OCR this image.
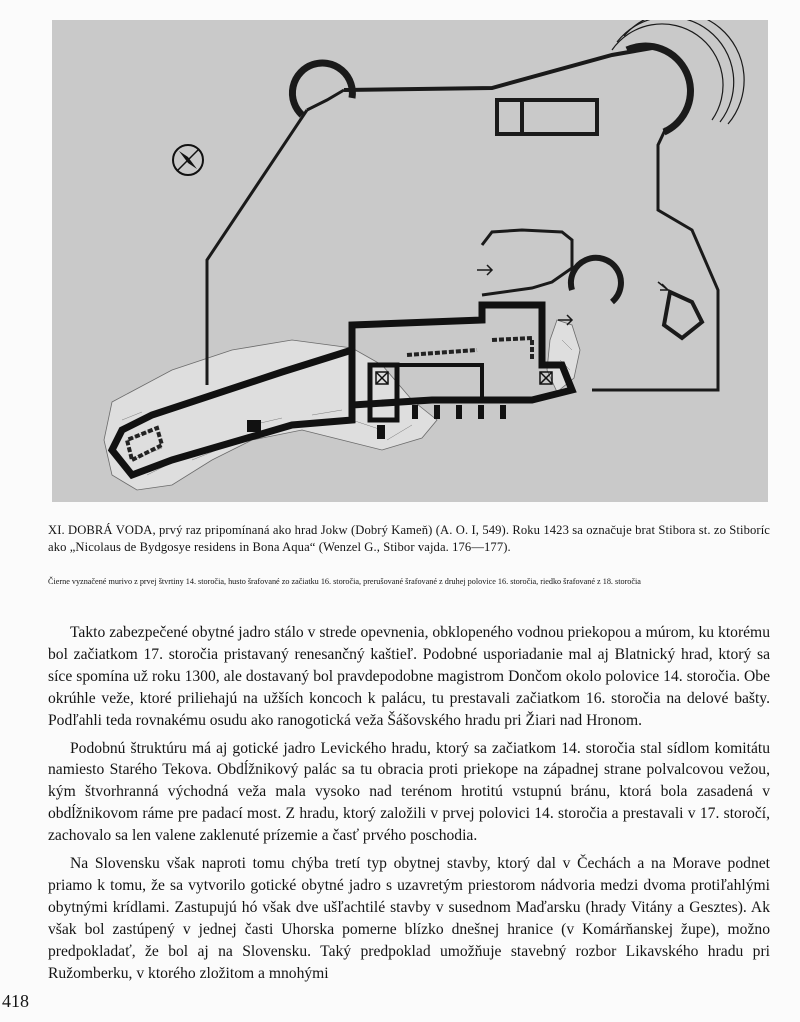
XI. DOBRÁ VODA, prvý raz pripomínaná ako hrad Jokw (Dobrý Kameň) (A. O. I, 549). Roku 1423 sa označuje brat Stibora st. zo Stiboríc ako „Nicolaus de Bydgosye residens in Bona Aqua“ (Wenzel G., Stibor vajda. 176—177).
Čierne vyznačené murivo z prvej štvrtiny 14. storočia, husto šrafované zo začiatku 16. storočia, prerušované šrafované z druhej polovice 16. storočia, riedko šrafované z 18. storočia

Takto zabezpečené obytné jadro stálo v strede opevnenia, obklopeného vodnou priekopou a múrom, ku ktorému bol začiatkom 17. storočia pristavaný renesančný kaštieľ. Podobné usporiadanie mal aj Blatnický hrad, ktorý sa síce spomína už roku 1300, ale dostavaný bol pravdepodobne magistrom Dončom okolo polovice 14. storočia. Obe okrúhle veže, ktoré priliehajú na užších koncoch k palácu, tu prestavali začiatkom 16. storočia na delové bašty. Podľahli teda rovnakému osudu ako ranogotická veža Šášovského hradu pri Žiari nad Hronom.

Podobnú štruktúru má aj gotické jadro Levického hradu, ktorý sa začiatkom 14. storočia stal sídlom komitátu namiesto Starého Tekova. Obdĺžnikový palác sa tu obracia proti priekope na západnej strane polvalcovou vežou, kým štvorhranná východná veža mala vysoko nad terénom hrotitú vstupnú bránu, ktorá bola zasadená v obdĺžnikovom ráme pre padací most. Z hradu, ktorý založili v prvej polovici 14. storočia a prestavali v 17. storočí, zachovalo sa len valene zaklenuté prízemie a časť prvého poschodia.

Na Slovensku však naproti tomu chýba tretí typ obytnej stavby, ktorý dal v Čechách a na Morave podnet priamo k tomu, že sa vytvorilo gotické obytné jadro s uzavretým priestorom nádvoria medzi dvoma protiľahlými obytnými krídlami. Zastupujú hó však dve ušľachtilé stavby v susednom Maďarsku (hrady Vitány a Gesztes). Ak však bol zastúpený v jednej časti Uhorska pomerne blízko dnešnej hranice (v Komárňanskej župe), možno predpokladať, že bol aj na Slovensku. Taký predpoklad umožňuje stavebný rozbor Likavského hradu pri Ružomberku, v ktorého zložitom a mnohými

418
